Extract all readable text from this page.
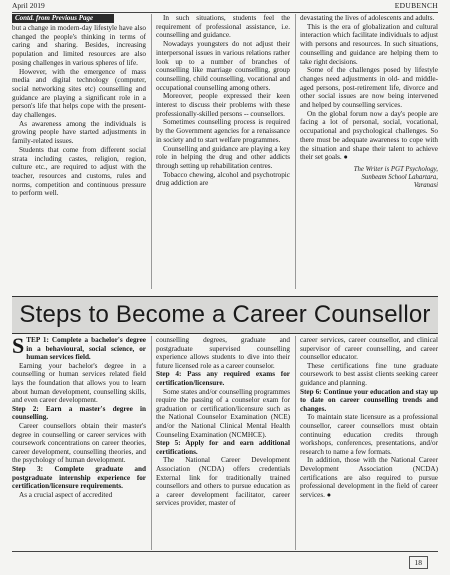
April 2019	EDUBENCH
Contd. from Previous Page

but a change in modern-day lifestyle have also changed the people's thinking in terms of caring and sharing. Besides, increasing population and limited resources are also posing challenges in various spheres of life.

However, with the emergence of mass media and digital technology (computer, social networking sites etc) counselling and guidance are playing a significant role in a person's life that helps cope with the present-day challenges.

As awareness among the individuals is growing people have started adjustments in family-related issues.

Students that come from different social strata including castes, religion, region, culture etc., are required to adjust with the teacher, resources and customs, rules and norms, competition and continuous pressure to perform well.

In such situations, students feel the requirement of professional assistance, i.e. counselling and guidance.

Nowadays youngsters do not adjust their interpersonal issues in various relations rather look up to a number of branches of counselling like marriage counselling, group counselling, child counselling, vocational and occupational counselling among others.

Moreover, people expressed their keen interest to discuss their problems with these professionally-skilled persons -- counsellors.

Sometimes counselling process is required by the Government agencies for a renaissance in society and to start welfare programmes.

Counselling and guidance are playing a key role in helping the drug and other addicts through setting up rehabilitation centres.

Tobacco chewing, alcohol and psychotropic drug addiction are

devastating the lives of adolescents and adults.

This is the era of globalization and cultural interaction which facilitate individuals to adjust with persons and resources. In such situations, counselling and guidance are helping them to take right decisions.

Some of the challenges posed by lifestyle changes need adjustments in old- and middle-aged persons, post-retirement life, divorce and other social issues are now being intervened and helped by counselling services.

On the global forum now a day's people are facing a lot of personal, social, vocational, occupational and psychological challenges. So there must be adequate awareness to cope with the situation and shape their talent to achieve their set goals. ●

The Writer is PGT Psychology,
Sunbeam School Lahartara,
Varanasi
Steps to Become a Career Counsellor

STEP 1: Complete a bachelor's degree in a behavioural, social science, or human services field.

Earning your bachelor's degree in a counselling or human services related field lays the foundation that allows you to learn about human development, counselling skills, and even career development.

Step 2: Earn a master's degree in counselling.

Career counsellors obtain their master's degree in counselling or career services with coursework concentrations on career theories, career development, counselling theories, and the psychology of human development.

Step 3: Complete graduate and postgraduate internship experience for certification/licensure requirements.

As a crucial aspect of accredited

counselling degrees, graduate and postgraduate supervised counselling experience allows students to dive into their future licensed role as a career counselor.

Step 4: Pass any required exams for certification/licensure.

Some states and/or counselling programmes require the passing of a counselor exam for graduation or certification/licensure such as the National Counselor Examination (NCE) and/or the National Clinical Mental Health Counseling Examination (NCMHCE).

Step 5: Apply for and earn additional certifications.

The National Career Development Association (NCDA) offers credentials External link for traditionally trained counsellors and others to pursue education as a career development facilitator, career services provider, master of

career services, career counsellor, and clinical supervisor of career counselling, and career counsellor educator.

These certifications fine tune graduate coursework to best assist clients seeking career guidance and planning.

Step 6: Continue your education and stay up to date on career counselling trends and changes.

To maintain state licensure as a professional counsellor, career counsellors must obtain continuing education credits through workshops, conferences, presentations, and/or research to name a few formats.

In addition, those with the National Career Development Association (NCDA) certifications are also required to pursue professional development in the field of career services. ●

18
